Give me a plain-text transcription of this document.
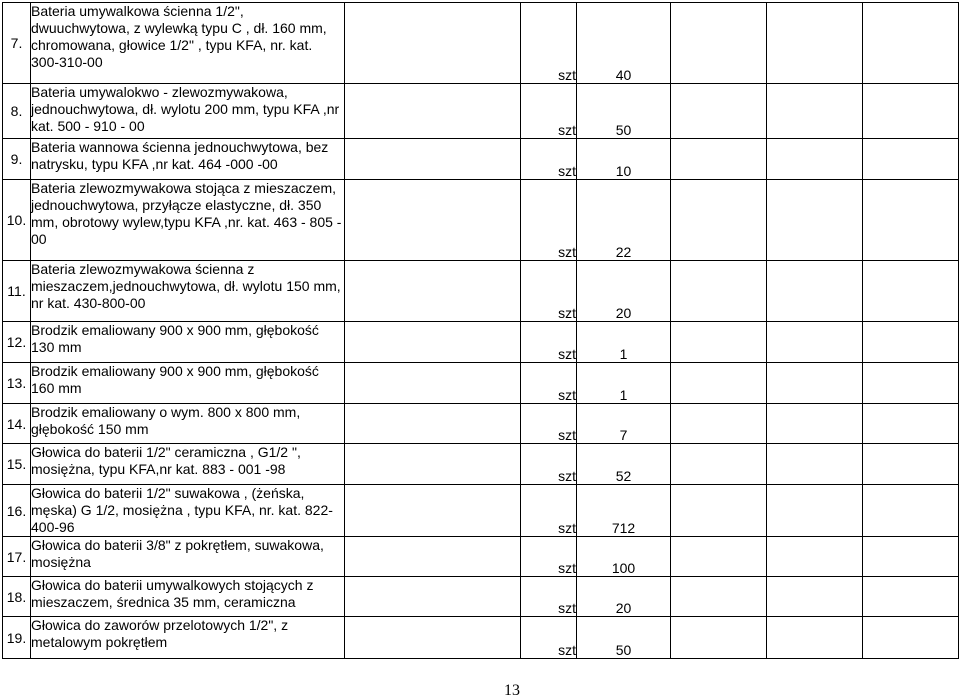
7.	Bateria umywalkowa ścienna 1/2", dwuuchwytowa, z wylewką typu C , dł. 160 mm, chromowana, głowice 1/2" , typu KFA, nr. kat. 300-310-00		szt	40			
8.	Bateria umywalokwo - zlewozmywakowa, jednouchwytowa, dł. wylotu 200 mm, typu KFA ,nr kat. 500 - 910 - 00		szt	50			
9.	Bateria wannowa ścienna jednouchwytowa, bez natrysku, typu KFA ,nr kat. 464 -000 -00		szt	10			
10.	Bateria zlewozmywakowa stojąca z mieszaczem, jednouchwytowa, przyłącze elastyczne, dł. 350 mm, obrotowy wylew,typu KFA ,nr. kat. 463 - 805 - 00		szt	22			
11.	Bateria zlewozmywakowa ścienna z mieszaczem,jednouchwytowa, dł. wylotu 150 mm, nr kat. 430-800-00		szt	20			
12.	Brodzik emaliowany 900 x 900 mm, głębokość 130 mm		szt	1			
13.	Brodzik emaliowany 900 x 900 mm, głębokość 160 mm		szt	1			
14.	Brodzik emaliowany o wym. 800 x 800 mm, głębokość 150 mm		szt	7			
15.	Głowica do baterii 1/2" ceramiczna , G1/2 ", mosiężna, typu KFA,nr kat. 883 - 001 -98		szt	52			
16.	Głowica do baterii 1/2" suwakowa , (żeńska, męska) G 1/2, mosiężna , typu KFA, nr. kat. 822-400-96		szt	712			
17.	Głowica do baterii 3/8" z pokrętłem, suwakowa, mosiężna		szt	100			
18.	Głowica do baterii umywalkowych stojących z mieszaczem, średnica 35 mm, ceramiczna		szt	20			
19.	Głowica do zaworów przelotowych 1/2", z metalowym pokrętłem		szt	50			
13
